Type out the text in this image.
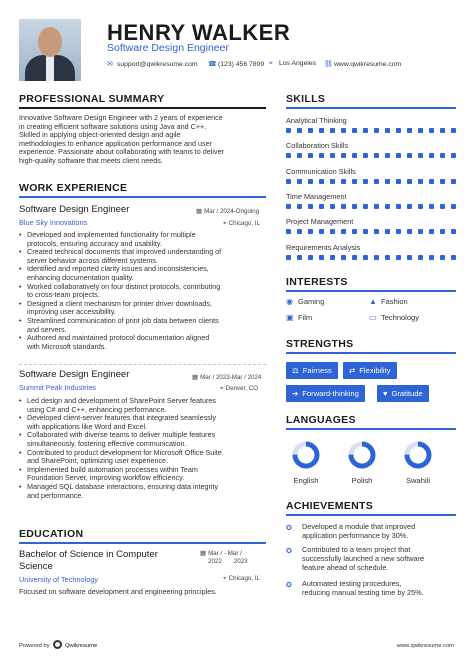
HENRY WALKER
Software Design Engineer
✉ support@qwikresume.com ☎(123) 456 7899 ⌖ Los Angeles ⛓www.qwikresume.com
PROFESSIONAL SUMMARY
Innovative Software Design Engineer with 2 years of experience
in creating efficient software solutions using Java and C++.
Skilled in applying object-oriented design and agile
methodologies to enhance application performance and user
experience. Passionate about collaborating with teams to deliver
high-quality software that meets client needs.
WORK EXPERIENCE
Software Design Engineer	▦ Mar / 2024-Ongoing
Blue Sky Innovations	⌖ Chicago, IL
• Developed and implemented functionality for multiple
protocols, ensuring accuracy and usability.
• Created technical documents that improved understanding of
server behavior across different systems.
• Identified and reported clarity issues and inconsistencies,
enhancing documentation quality.
• Worked collaboratively on four distinct protocols, contributing
to cross-team projects.
• Designed a client mechanism for printer driver downloads,
improving user accessibility.
• Streamlined communication of print job data between clients
and servers.
• Authored and maintained protocol documentation aligned
with Microsoft standards.
Software Design Engineer	▦ Mar / 2023-Mar / 2024
Summit Peak Industries	⌖ Denver, CO
• Led design and development of SharePoint Server features
using C# and C++, enhancing performance.
• Developed client-server features that integrated seamlessly
with applications like Word and Excel.
• Collaborated with diverse teams to deliver multiple features
simultaneously, fostering effective communication.
• Contributed to product development for Microsoft Office Suite
and SharePoint, optimizing user experience.
• Implemented build automation processes within Team
Foundation Server, improving workflow efficiency.
• Managed SQL database interactions, ensuring data integrity
and performance.
EDUCATION
Bachelor of Science in Computer
Science
▦ Mar / - Mar /
2022 2023
University of Technology	⌖ Chicago, IL
Focused on software development and engineering principles.
SKILLS
Analytical Thinking
Collaboration Skills
Communication Skills
Time Management
Project Management
Requirements Analysis
INTERESTS
◉ Gaming	▲ Fashion
▣ Film	▭ Technology
STRENGTHS
⚖ Fairness	⇄ Flexibility
➔ Forward-thinking	♥ Gratitude
LANGUAGES
English	Polish	Swahili
ACHIEVEMENTS
✪ Developed a module that improved
application performance by 30%.
✪ Contributed to a team project that
successfully launched a new software
feature ahead of schedule.
✪ Automated testing procedures,
reducing manual testing time by 25%.
Powered by	Qwikresume	www.qwikresume.com
